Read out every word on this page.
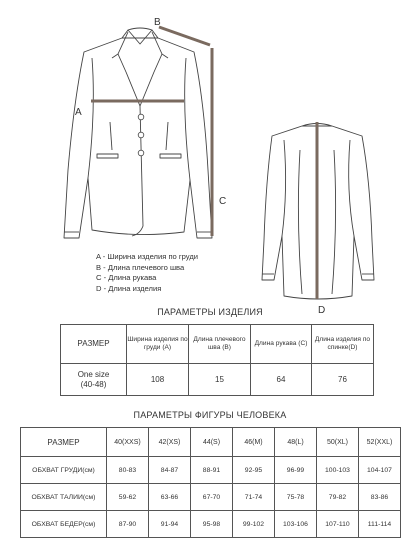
A
B
C
D
A - Ширина изделия по груди
B - Длина плечевого шва
C - Длина рукава
D - Длина изделия
ПАРАМЕТРЫ ИЗДЕЛИЯ
РАЗМЕР	Ширина изделия по груди (А)	Длина плечевого шва (В)	Длина рукава (С)	Длина изделия по спинке(D)

One size
(40-48)	108	15	64	76
ПАРАМЕТРЫ ФИГУРЫ ЧЕЛОВЕКА
РАЗМЕР	40(XXS)	42(XS)	44(S)	46(M)	48(L)	50(XL)	52(XXL)
ОБХВАТ ГРУДИ(см)	80-83	84-87	88-91	92-95	96-99	100-103	104-107
ОБХВАТ ТАЛИИ(см)	59-62	63-66	67-70	71-74	75-78	79-82	83-86
ОБХВАТ БЕДЕР(см)	87-90	91-94	95-98	99-102	103-106	107-110	111-114
